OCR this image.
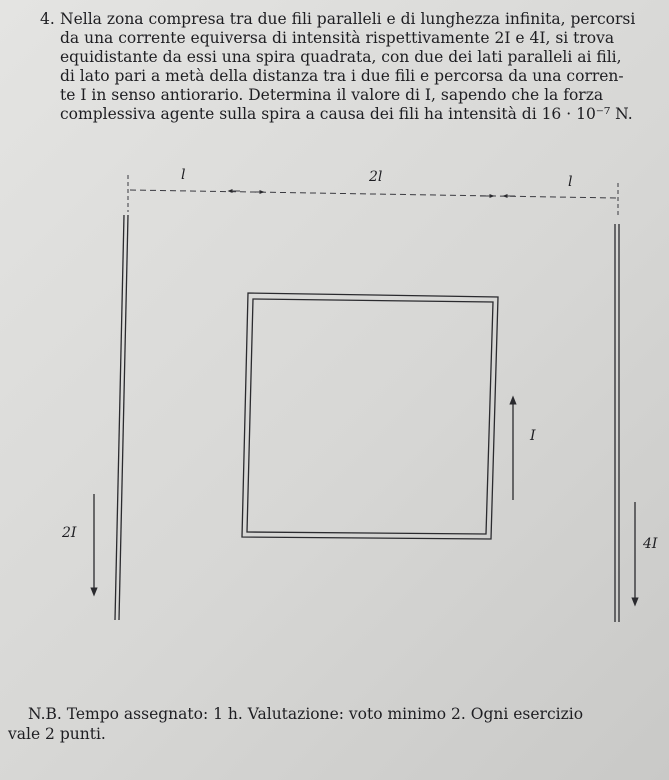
4. Nella zona compresa tra due fili paralleli e di lunghezza infinita, percorsi
da una corrente equiversa di intensità rispettivamente 2I e 4I, si trova
equidistante da essi una spira quadrata, con due dei lati paralleli ai fili,
di lato pari a metà della distanza tra i due fili e percorsa da una corren-
te I in senso antiorario. Determina il valore di I, sapendo che la forza
complessiva agente sulla spira a causa dei fili ha intensità di 16 · 10⁻⁷ N.
l	2l	l
2I
I
4I
N.B. Tempo assegnato: 1 h. Valutazione: voto minimo 2. Ogni esercizio
vale 2 punti.
